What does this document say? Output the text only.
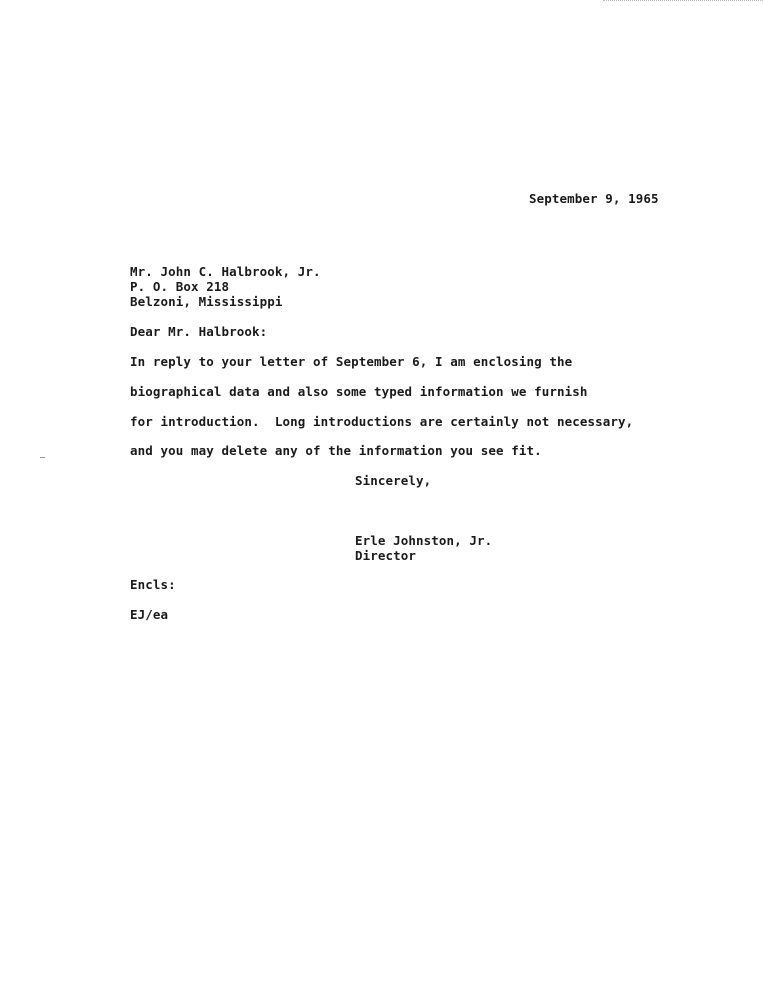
September 9, 1965
Mr. John C. Halbrook, Jr.
P. O. Box 218
Belzoni, Mississippi
Dear Mr. Halbrook:
In reply to your letter of September 6, I am enclosing the
biographical data and also some typed information we furnish
for introduction.  Long introductions are certainly not necessary,
and you may delete any of the information you see fit.
Sincerely,
Erle Johnston, Jr.
Director
Encls:
EJ/ea
